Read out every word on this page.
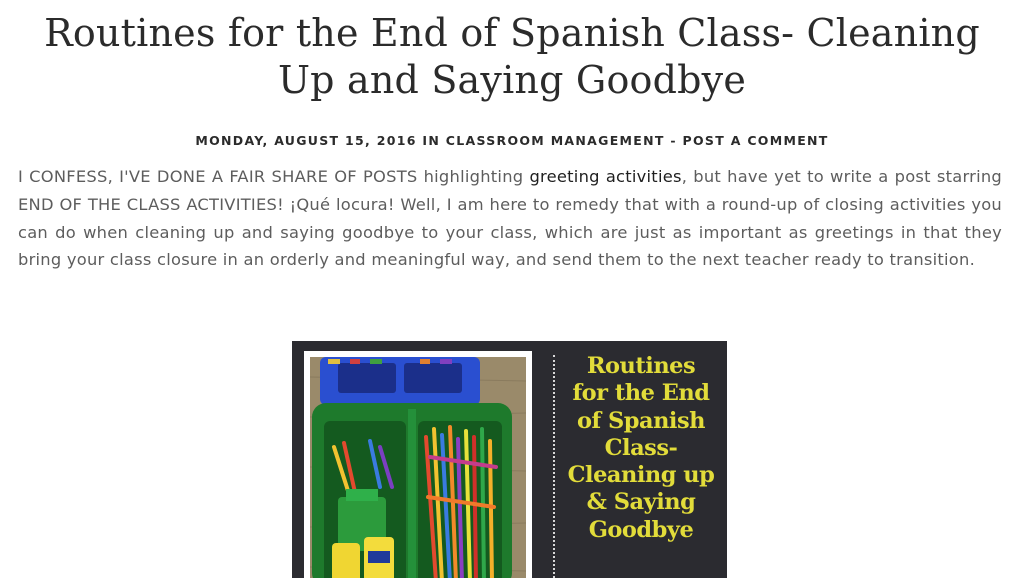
Routines for the End of Spanish Class- Cleaning Up and Saying Goodbye
MONDAY, AUGUST 15, 2016 IN CLASSROOM MANAGEMENT - POST A COMMENT

I CONFESS, I'VE DONE A FAIR SHARE OF POSTS highlighting greeting activities, but have yet to write a post starring END OF THE CLASS ACTIVITIES! ¡Qué locura! Well, I am here to remedy that with a round-up of closing activities you can do when cleaning up and saying goodbye to your class, which are just as important as greetings in that they bring your class closure in an orderly and meaningful way, and send them to the next teacher ready to transition.

Routines
for the End
of Spanish
Class-
Cleaning up
& Saying
Goodbye
